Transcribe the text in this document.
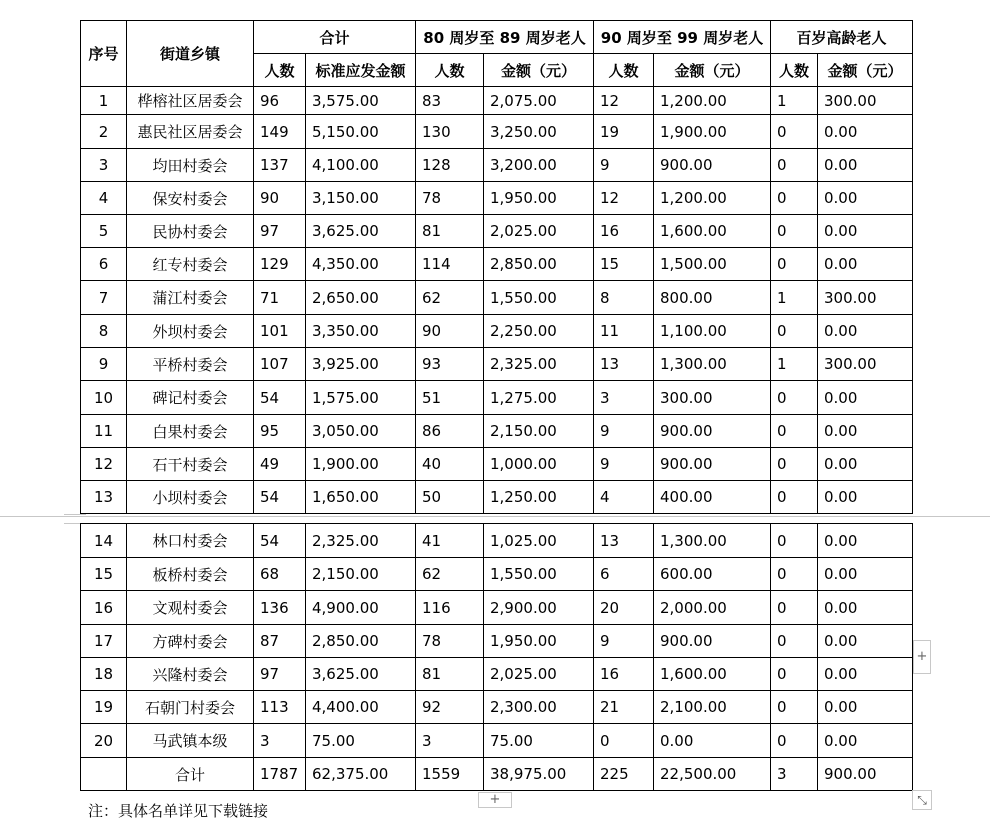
序号	街道乡镇	合计		80 周岁至 89 周岁老人		90 周岁至 99 周岁老人		百岁高龄老人	
		人数	标准应发金额	人数	金额（元）	人数	金额（元）	人数	金额（元）
1	桦榕社区居委会	96	3,575.00	83	2,075.00	12	1,200.00	1	300.00
2	惠民社区居委会	149	5,150.00	130	3,250.00	19	1,900.00	0	0.00
3	均田村委会	137	4,100.00	128	3,200.00	9	900.00	0	0.00
4	保安村委会	90	3,150.00	78	1,950.00	12	1,200.00	0	0.00
5	民协村委会	97	3,625.00	81	2,025.00	16	1,600.00	0	0.00
6	红专村委会	129	4,350.00	114	2,850.00	15	1,500.00	0	0.00
7	蒲江村委会	71	2,650.00	62	1,550.00	8	800.00	1	300.00
8	外坝村委会	101	3,350.00	90	2,250.00	11	1,100.00	0	0.00
9	平桥村委会	107	3,925.00	93	2,325.00	13	1,300.00	1	300.00
10	碑记村委会	54	1,575.00	51	1,275.00	3	300.00	0	0.00
11	白果村委会	95	3,050.00	86	2,150.00	9	900.00	0	0.00
12	石干村委会	49	1,900.00	40	1,000.00	9	900.00	0	0.00
13	小坝村委会	54	1,650.00	50	1,250.00	4	400.00	0	0.00
14	林口村委会	54	2,325.00	41	1,025.00	13	1,300.00	0	0.00
15	板桥村委会	68	2,150.00	62	1,550.00	6	600.00	0	0.00
16	文观村委会	136	4,900.00	116	2,900.00	20	2,000.00	0	0.00
17	方碑村委会	87	2,850.00	78	1,950.00	9	900.00	0	0.00
18	兴隆村委会	97	3,625.00	81	2,025.00	16	1,600.00	0	0.00
19	石朝门村委会	113	4,400.00	92	2,300.00	21	2,100.00	0	0.00
20	马武镇本级	3	75.00	3	75.00	0	0.00	0	0.00
	合计	1787	62,375.00	1559	38,975.00	225	22,500.00	3	900.00
注：具体名单详见下载链接
+
+	⤡
